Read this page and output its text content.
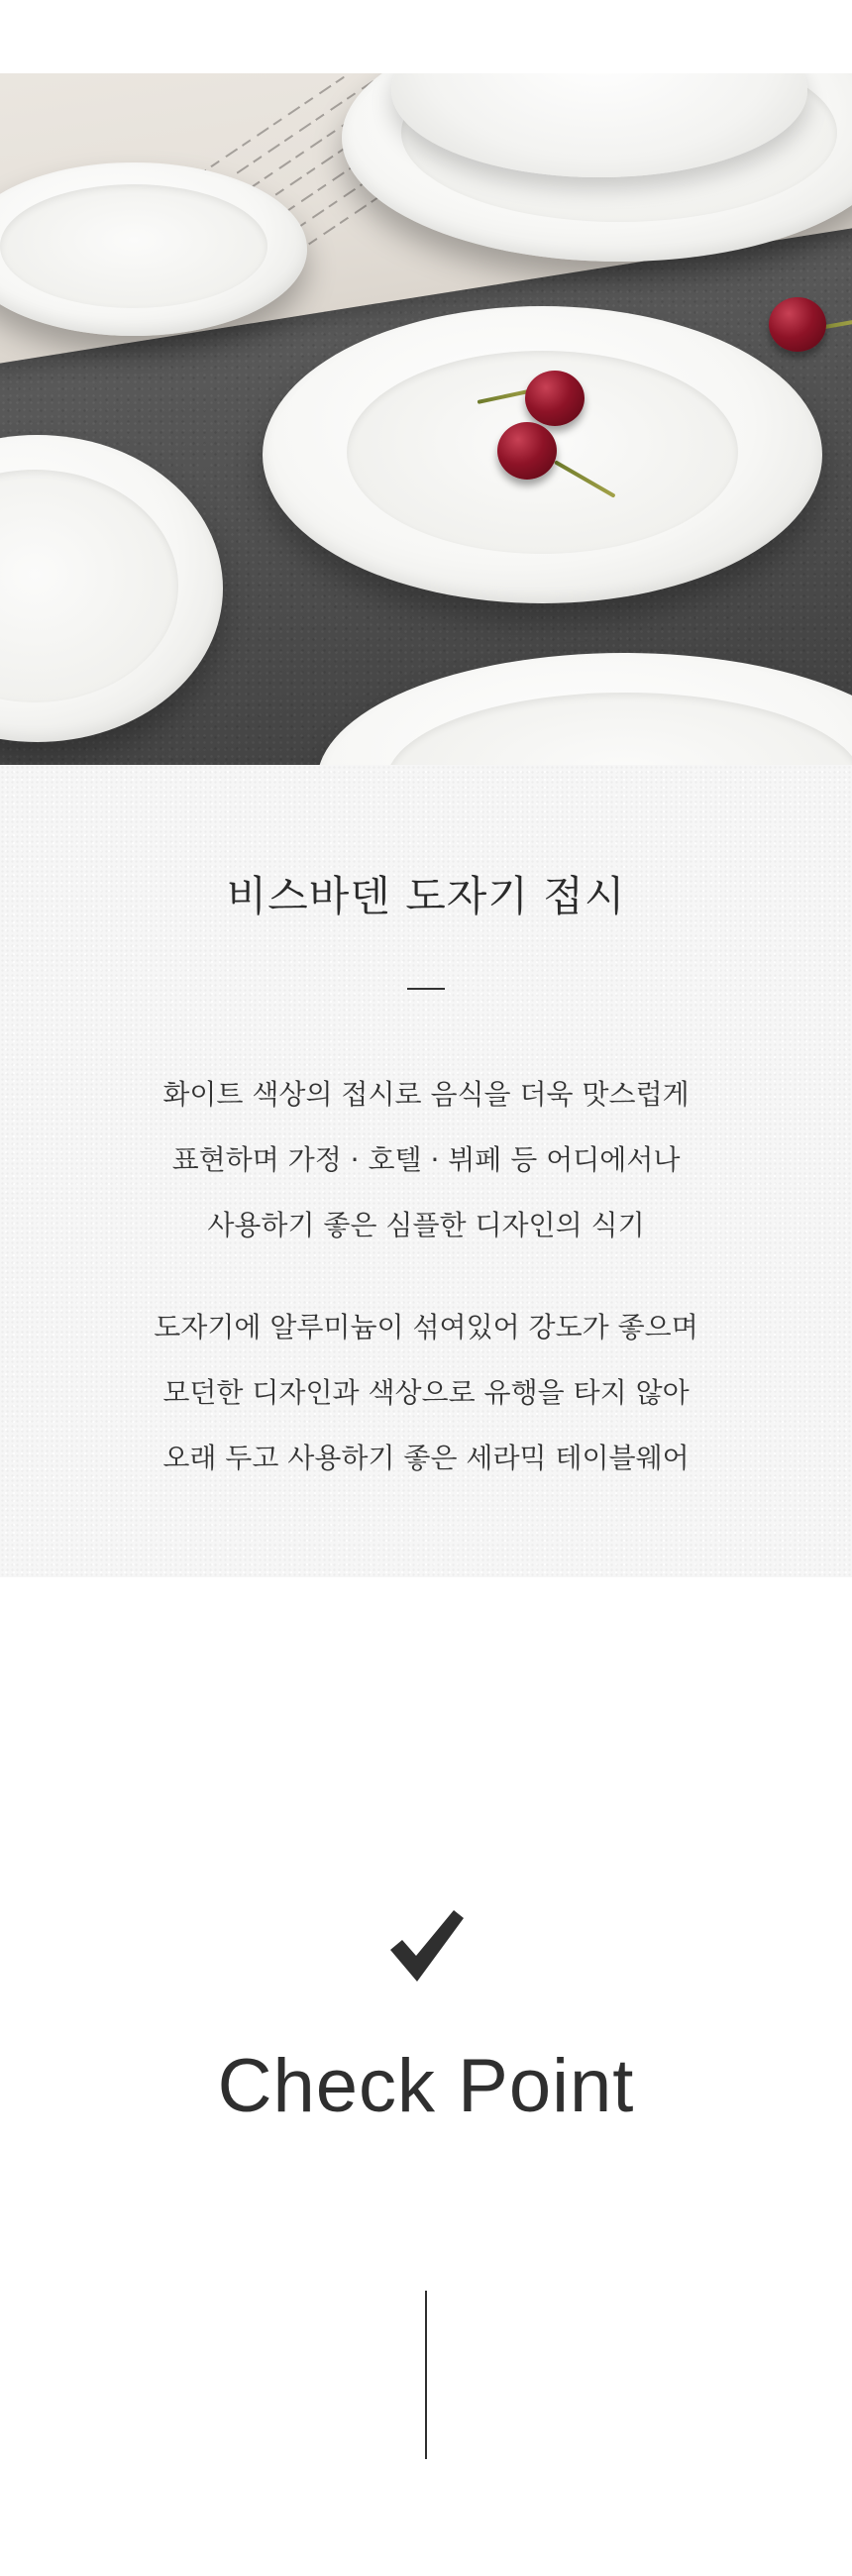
비스바덴 도자기 접시

화이트 색상의 접시로 음식을 더욱 맛스럽게
표현하며 가정 · 호텔 · 뷔페 등 어디에서나
사용하기 좋은 심플한 디자인의 식기

도자기에 알루미늄이 섞여있어 강도가 좋으며
모던한 디자인과 색상으로 유행을 타지 않아
오래 두고 사용하기 좋은 세라믹 테이블웨어

Check Point
